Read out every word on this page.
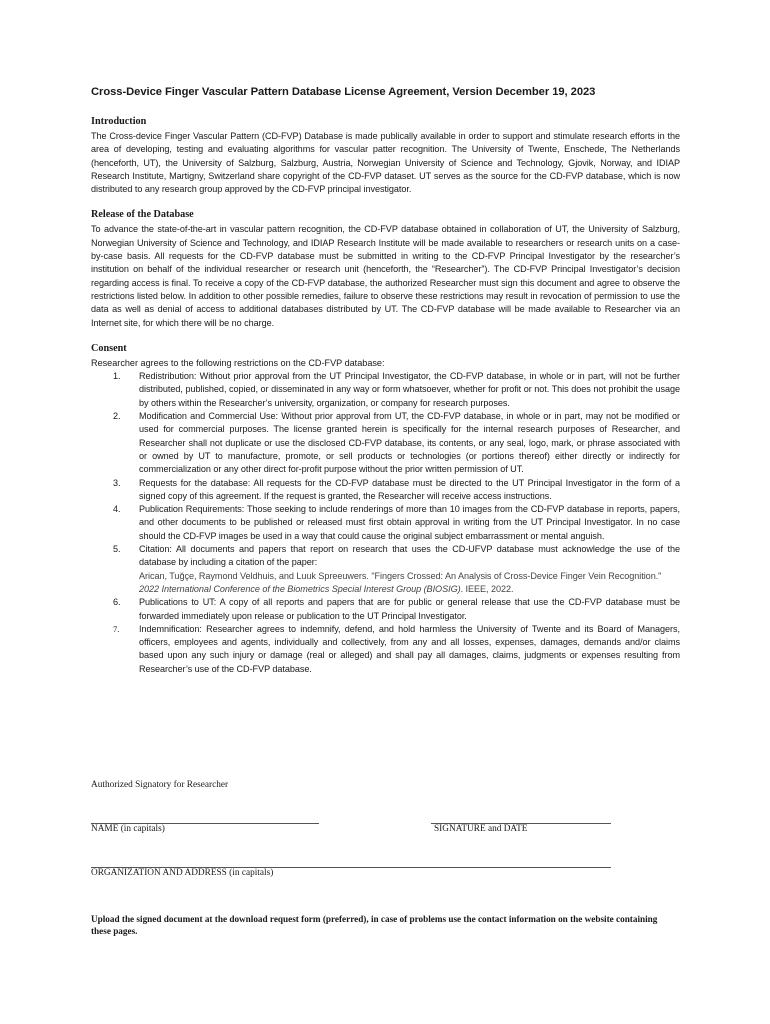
Cross-Device Finger Vascular Pattern Database License Agreement, Version December 19, 2023
Introduction

The Cross-device Finger Vascular Pattern (CD-FVP) Database is made publically available in order to support and stimulate research efforts in the area of developing, testing and evaluating algorithms for vascular patter recognition. The University of Twente, Enschede, The Netherlands (henceforth, UT), the University of Salzburg, Salzburg, Austria, Norwegian University of Science and Technology, Gjovik, Norway, and IDIAP Research Institute, Martigny, Switzerland share copyright of the CD-FVP dataset. UT serves as the source for the CD-FVP database, which is now distributed to any research group approved by the CD-FVP principal investigator.

Release of the Database

To advance the state-of-the-art in vascular pattern recognition, the CD-FVP database obtained in collaboration of UT, the University of Salzburg, Norwegian University of Science and Technology, and IDIAP Research Institute will be made available to researchers or research units on a case-by-case basis. All requests for the CD-FVP database must be submitted in writing to the CD-FVP Principal Investigator by the researcher’s institution on behalf of the individual researcher or research unit (henceforth, the “Researcher”). The CD-FVP Principal Investigator’s decision regarding access is final. To receive a copy of the CD-FVP database, the authorized Researcher must sign this document and agree to observe the restrictions listed below. In addition to other possible remedies, failure to observe these restrictions may result in revocation of permission to use the data as well as denial of access to additional databases distributed by UT. The CD-FVP database will be made available to Researcher via an Internet site, for which there will be no charge.

Consent

Researcher agrees to the following restrictions on the CD-FVP database:

1. Redistribution: Without prior approval from the UT Principal Investigator, the CD-FVP database, in whole or in part, will not be further distributed, published, copied, or disseminated in any way or form whatsoever, whether for profit or not. This does not prohibit the usage by others within the Researcher’s university, organization, or company for research purposes.
2. Modification and Commercial Use: Without prior approval from UT, the CD-FVP database, in whole or in part, may not be modified or used for commercial purposes. The license granted herein is specifically for the internal research purposes of Researcher, and Researcher shall not duplicate or use the disclosed CD-FVP database, its contents, or any seal, logo, mark, or phrase associated with or owned by UT to manufacture, promote, or sell products or technologies (or portions thereof) either directly or indirectly for commercialization or any other direct for-profit purpose without the prior written permission of UT.
3. Requests for the database: All requests for the CD-FVP database must be directed to the UT Principal Investigator in the form of a signed copy of this agreement. If the request is granted, the Researcher will receive access instructions.
4. Publication Requirements: Those seeking to include renderings of more than 10 images from the CD-FVP database in reports, papers, and other documents to be published or released must first obtain approval in writing from the UT Principal Investigator. In no case should the CD-FVP images be used in a way that could cause the original subject embarrassment or mental anguish.
5. Citation: All documents and papers that report on research that uses the CD-UFVP database must acknowledge the use of the database by including a citation of the paper:
Arican, Tuğçe, Raymond Veldhuis, and Luuk Spreeuwers. "Fingers Crossed: An Analysis of Cross-Device Finger Vein Recognition." 2022 International Conference of the Biometrics Special Interest Group (BIOSIG). IEEE, 2022.
6. Publications to UT: A copy of all reports and papers that are for public or general release that use the CD-FVP database must be forwarded immediately upon release or publication to the UT Principal Investigator.
7. Indemnification: Researcher agrees to indemnify, defend, and hold harmless the University of Twente and its Board of Managers, officers, employees and agents, individually and collectively, from any and all losses, expenses, damages, demands and/or claims based upon any such injury or damage (real or alleged) and shall pay all damages, claims, judgments or expenses resulting from Researcher’s use of the CD-FVP database.
Authorized Signatory for Researcher
NAME (in capitals)	SIGNATURE and DATE
ORGANIZATION AND ADDRESS (in capitals)
Upload the signed document at the download request form (preferred), in case of problems use the contact information on the website containing these pages.
